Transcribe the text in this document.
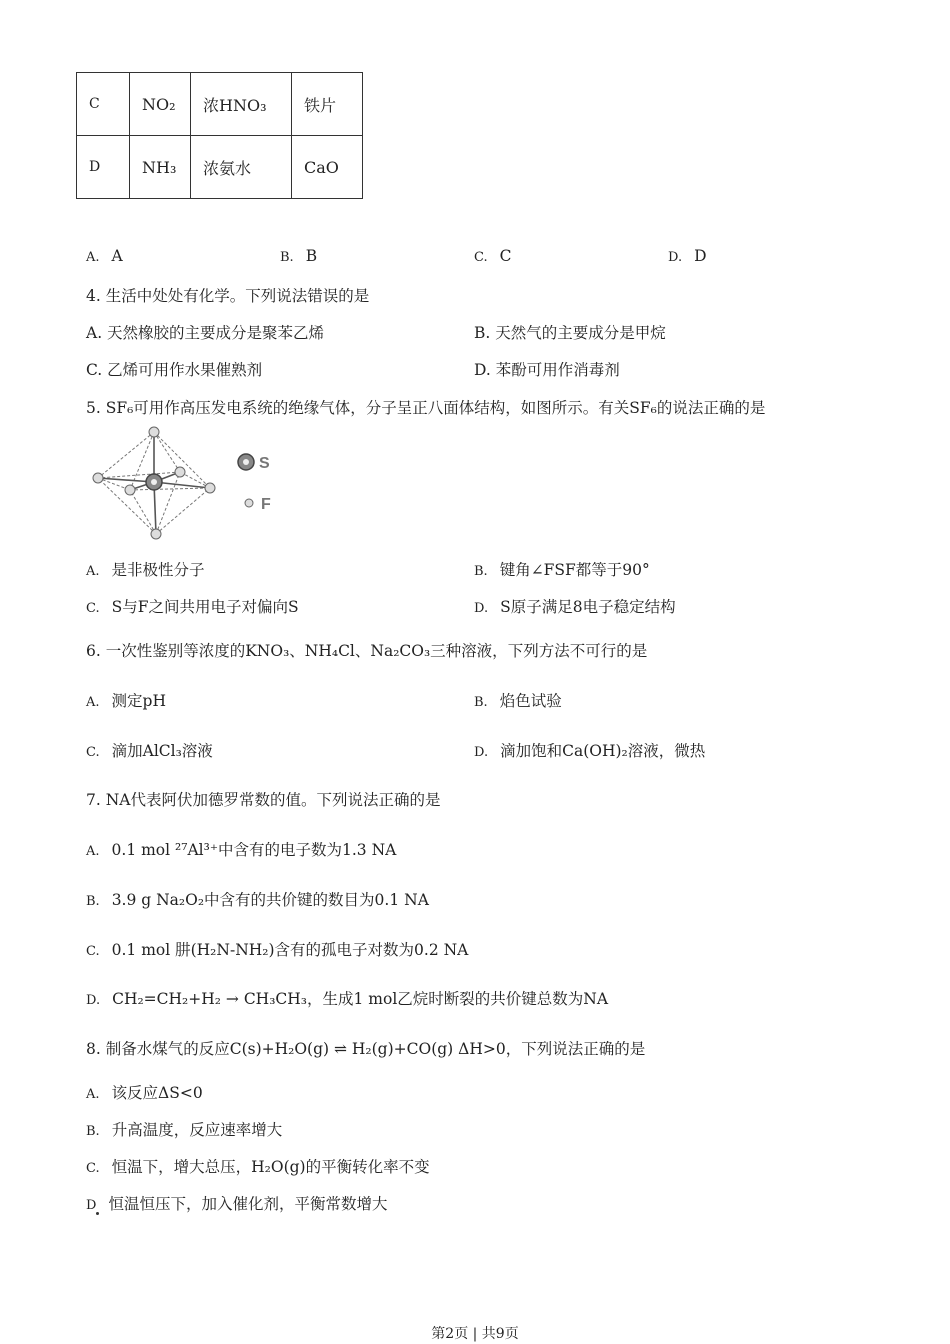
C	NO₂	浓HNO₃	铁片
D	NH₃	浓氨水	CaO
A. A	B. B	C. C	D. D
4. 生活中处处有化学。下列说法错误的是
A. 天然橡胶的主要成分是聚苯乙烯	B. 天然气的主要成分是甲烷
C. 乙烯可用作水果催熟剂	D. 苯酚可用作消毒剂
5. SF₆可用作高压发电系统的绝缘气体，分子呈正八面体结构，如图所示。有关SF₆的说法正确的是
S
F
A. 是非极性分子	B. 键角∠FSF都等于90°
C. S与F之间共用电子对偏向S	D. S原子满足8电子稳定结构
6. 一次性鉴别等浓度的KNO₃、NH₄Cl、Na₂CO₃三种溶液，下列方法不可行的是
A. 测定pH	B. 焰色试验
C. 滴加AlCl₃溶液	D. 滴加饱和Ca(OH)₂溶液，微热
7. NA代表阿伏加德罗常数的值。下列说法正确的是
A. 0.1 mol ²⁷Al³⁺中含有的电子数为1.3 NA
B. 3.9 g Na₂O₂中含有的共价键的数目为0.1 NA
C. 0.1 mol 肼(H₂N-NH₂)含有的孤电子对数为0.2 NA
D. CH₂=CH₂+H₂ → CH₃CH₃，生成1 mol乙烷时断裂的共价键总数为NA
8. 制备水煤气的反应C(s)+H₂O(g) ⇌ H₂(g)+CO(g) ΔH>0，下列说法正确的是
A. 该反应ΔS<0
B. 升高温度，反应速率增大
C. 恒温下，增大总压，H₂O(g)的平衡转化率不变
D 恒温恒压下，加入催化剂，平衡常数增大
第2页 | 共9页
